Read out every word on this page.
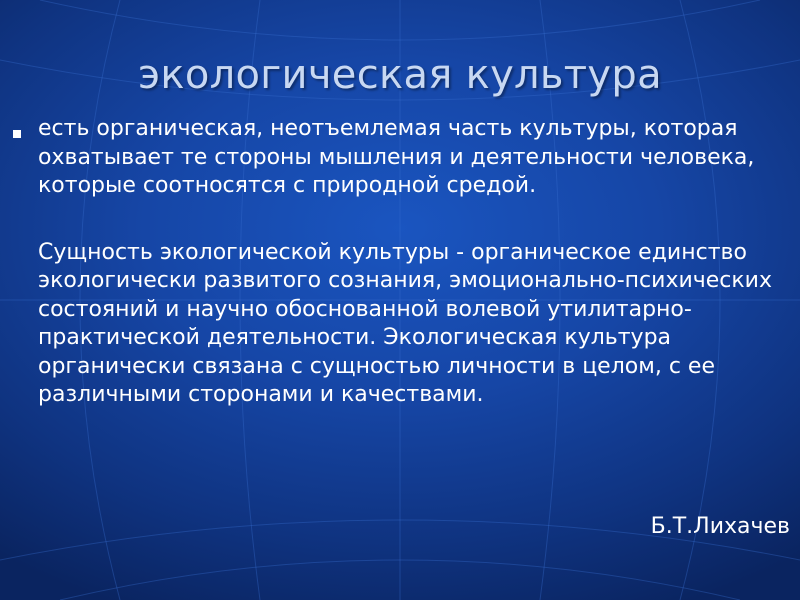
экологическая культура

есть органическая, неотъемлемая часть культуры, которая охватывает те стороны мышления и деятельности человека, которые соотносятся с природной средой.

Сущность экологической культуры - органическое единство экологически развитого сознания, эмоционально-психических состояний и научно обоснованной волевой утилитарно-практической деятельности. Экологическая культура органически связана с сущностью личности в целом, с ее различными сторонами и качествами.

Б.Т.Лихачев
